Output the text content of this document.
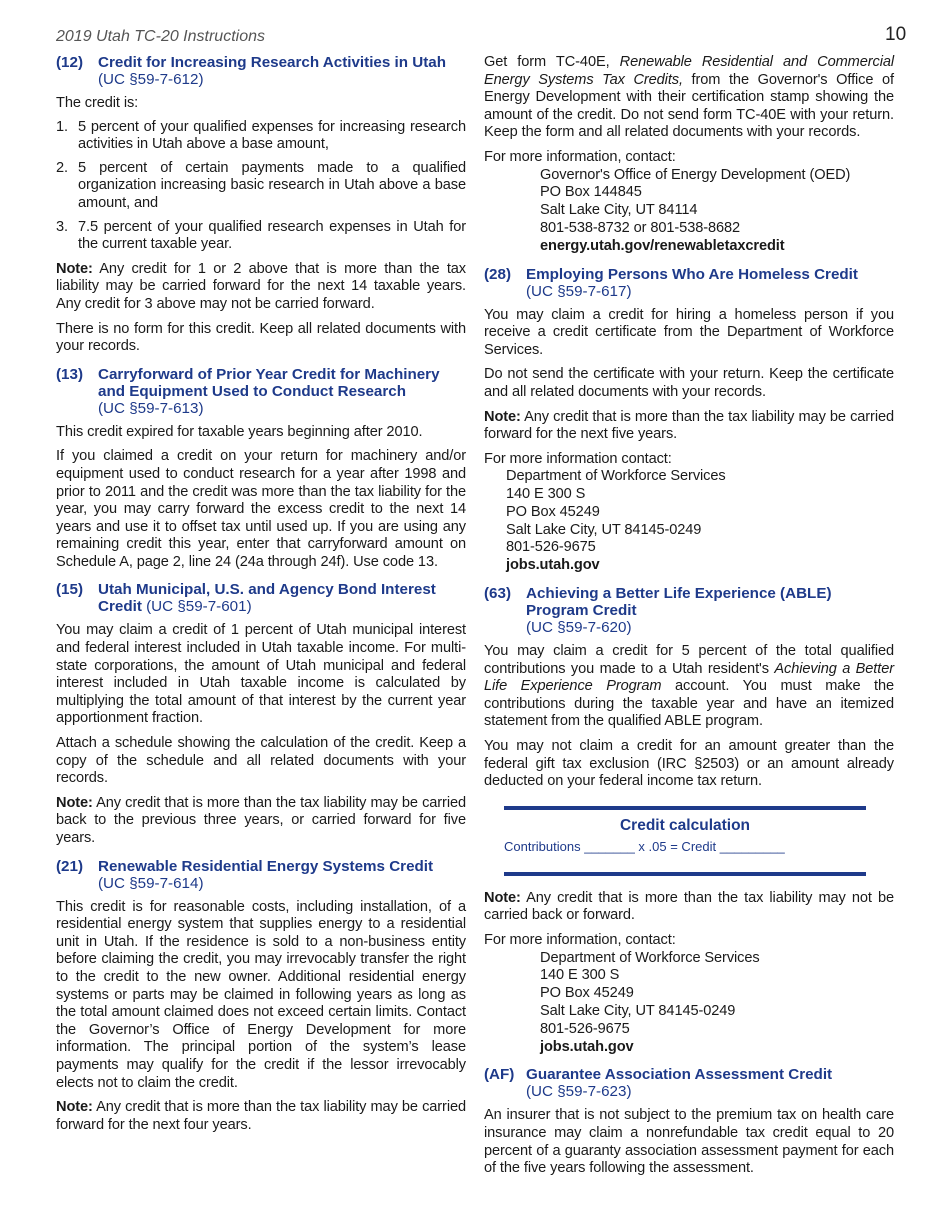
2019 Utah TC-20 Instructions	10
(12) Credit for Increasing Research Activities in Utah
(UC §59-7-612)

The credit is:

1. 5 percent of your qualified expenses for increasing research activities in Utah above a base amount,
2. 5 percent of certain payments made to a qualified organization increasing basic research in Utah above a base amount, and
3. 7.5 percent of your qualified research expenses in Utah for the current taxable year.

Note: Any credit for 1 or 2 above that is more than the tax liability may be carried forward for the next 14 taxable years. Any credit for 3 above may not be carried forward.

There is no form for this credit. Keep all related documents with your records.

(13) Carryforward of Prior Year Credit for Machinery and Equipment Used to Conduct Research
(UC §59-7-613)

This credit expired for taxable years beginning after 2010.

If you claimed a credit on your return for machinery and/or equipment used to conduct research for a year after 1998 and prior to 2011 and the credit was more than the tax liability for the year, you may carry forward the excess credit to the next 14 years and use it to offset tax until used up. If you are using any remaining credit this year, enter that carryforward amount on Schedule A, page 2, line 24 (24a through 24f). Use code 13.

(15) Utah Municipal, U.S. and Agency Bond Interest Credit (UC §59-7-601)

You may claim a credit of 1 percent of Utah municipal interest and federal interest included in Utah taxable income. For multi-state corporations, the amount of Utah municipal and federal interest included in Utah taxable income is calculated by multiplying the total amount of that interest by the current year apportionment fraction.

Attach a schedule showing the calculation of the credit. Keep a copy of the schedule and all related documents with your records.

Note: Any credit that is more than the tax liability may be carried back to the previous three years, or carried forward for five years.

(21) Renewable Residential Energy Systems Credit
(UC §59-7-614)

This credit is for reasonable costs, including installation, of a residential energy system that supplies energy to a residential unit in Utah. If the residence is sold to a non-business entity before claiming the credit, you may irrevocably transfer the right to the credit to the new owner. Additional residential energy systems or parts may be claimed in following years as long as the total amount claimed does not exceed certain limits. Contact the Governor’s Office of Energy Development for more information. The principal portion of the system’s lease payments may qualify for the credit if the lessor irrevocably elects not to claim the credit.

Note: Any credit that is more than the tax liability may be carried forward for the next four years.

Get form TC-40E, Renewable Residential and Commercial Energy Systems Tax Credits, from the Governor's Office of Energy Development with their certification stamp showing the amount of the credit. Do not send form TC-40E with your return. Keep the form and all related documents with your records.

For more information, contact:

Governor's Office of Energy Development (OED)

PO Box 144845

Salt Lake City, UT 84114

801-538-8732 or 801-538-8682

energy.utah.gov/renewabletaxcredit

(28) Employing Persons Who Are Homeless Credit
(UC §59-7-617)

You may claim a credit for hiring a homeless person if you receive a credit certificate from the Department of Workforce Services.

Do not send the certificate with your return. Keep the certificate and all related documents with your records.

Note: Any credit that is more than the tax liability may be carried forward for the next five years.

For more information contact:

Department of Workforce Services

140 E 300 S

PO Box 45249

Salt Lake City, UT 84145-0249

801-526-9675

jobs.utah.gov

(63) Achieving a Better Life Experience (ABLE) Program Credit
(UC §59-7-620)

You may claim a credit for 5 percent of the total qualified contributions you made to a Utah resident's Achieving a Better Life Experience Program account. You must make the contributions during the taxable year and have an itemized statement from the qualified ABLE program.

You may not claim a credit for an amount greater than the federal gift tax exclusion (IRC §2503) or an amount already deducted on your federal income tax return.

Credit calculation
Contributions _______ x .05 = Credit _________

Note: Any credit that is more than the tax liability may not be carried back or forward.

For more information, contact:

Department of Workforce Services

140 E 300 S

PO Box 45249

Salt Lake City, UT 84145-0249

801-526-9675

jobs.utah.gov

(AF) Guarantee Association Assessment Credit
(UC §59-7-623)

An insurer that is not subject to the premium tax on health care insurance may claim a nonrefundable tax credit equal to 20 percent of a guaranty association assessment payment for each of the five years following the assessment.
